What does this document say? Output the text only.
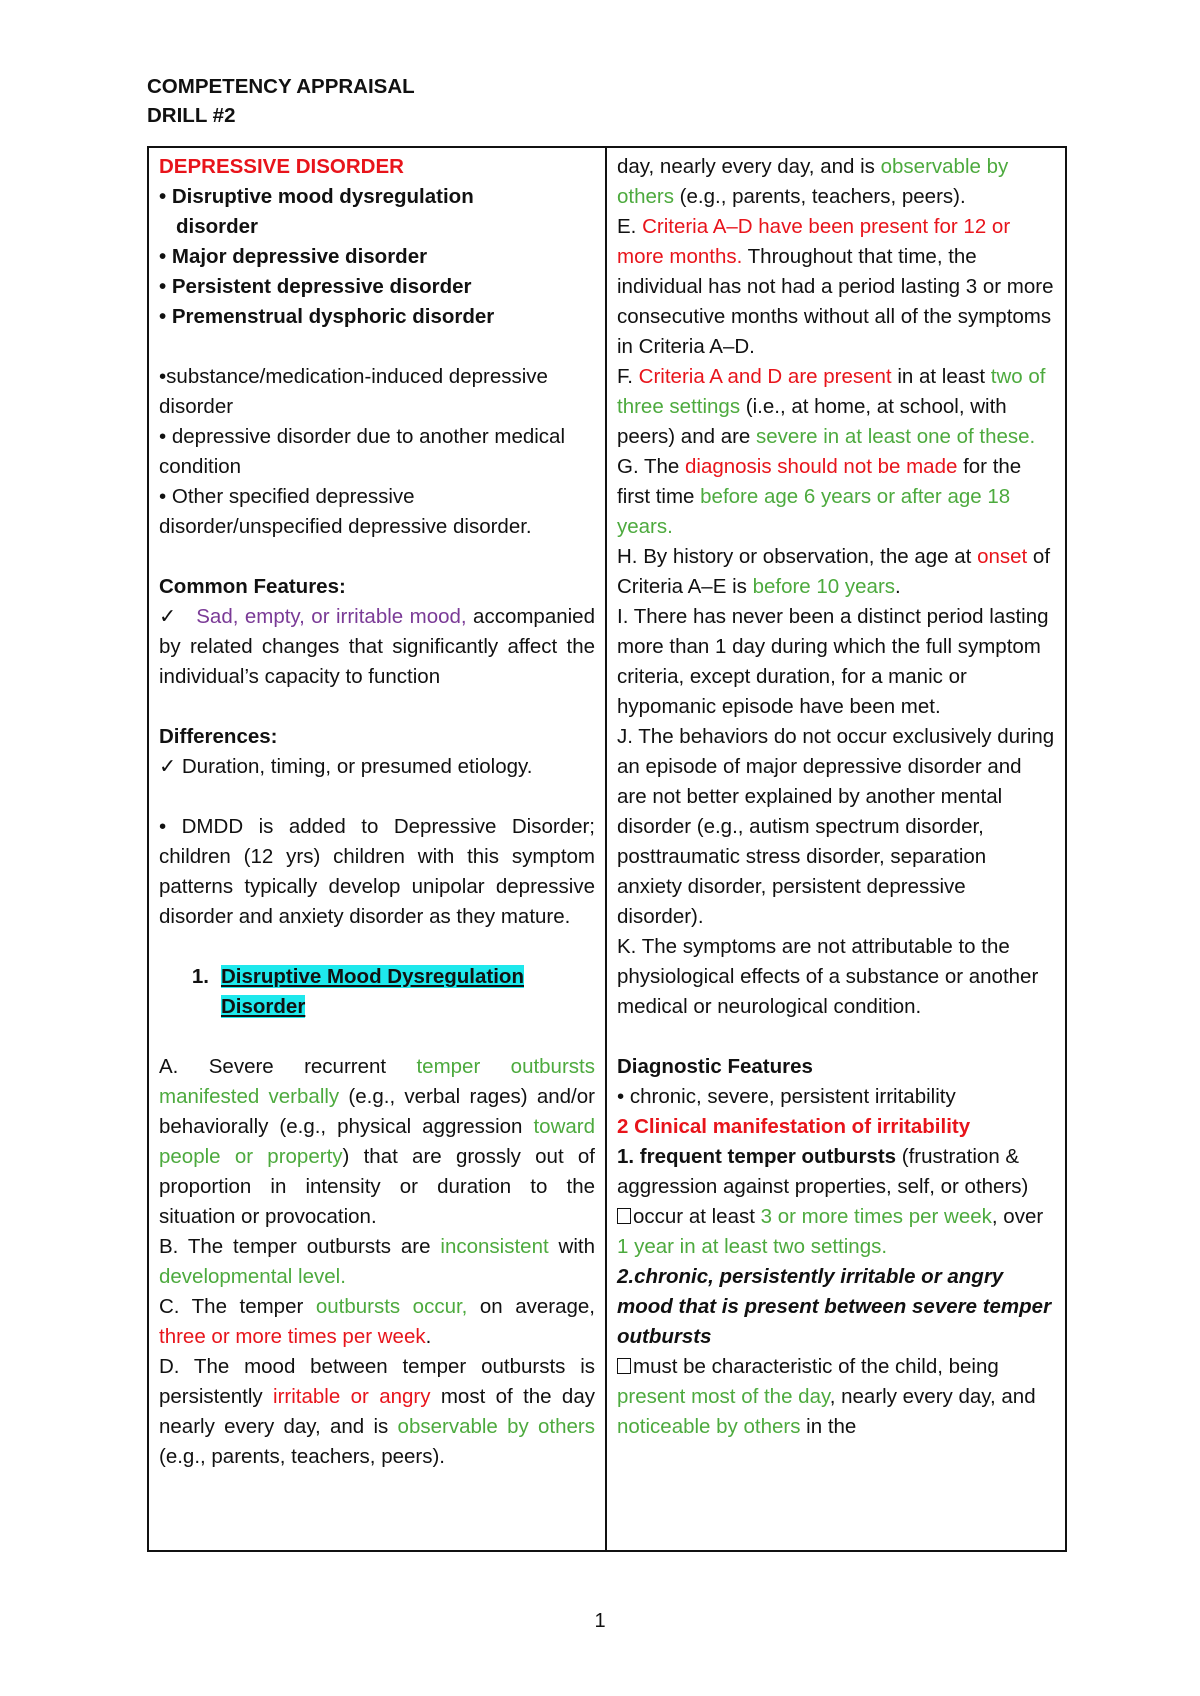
COMPETENCY APPRAISAL
DRILL #2
DEPRESSIVE DISORDER
• Disruptive mood dysregulation
disorder
• Major depressive disorder
• Persistent depressive disorder
• Premenstrual dysphoric disorder
•substance/medication-induced depressive disorder
• depressive disorder due to another medical condition
• Other specified depressive disorder/unspecified depressive disorder.
Common Features:
✓ Sad, empty, or irritable mood, accompanied by related changes that significantly affect the individual’s capacity to function
Differences:
✓ Duration, timing, or presumed etiology.
• DMDD is added to Depressive Disorder; children (12 yrs) children with this symptom patterns typically develop unipolar depressive disorder and anxiety disorder as they mature.
1. Disruptive Mood Dysregulation Disorder
A. Severe recurrent temper outbursts manifested verbally (e.g., verbal rages) and/or behaviorally (e.g., physical aggression toward people or property) that are grossly out of proportion in intensity or duration to the situation or provocation.
B. The temper outbursts are inconsistent with developmental level.
C. The temper outbursts occur, on average, three or more times per week.
D. The mood between temper outbursts is persistently irritable or angry most of the day nearly every day, and is observable by others (e.g., parents, teachers, peers).
day, nearly every day, and is observable by others (e.g., parents, teachers, peers).
E. Criteria A–D have been present for 12 or more months. Throughout that time, the individual has not had a period lasting 3 or more consecutive months without all of the symptoms in Criteria A–D.
F. Criteria A and D are present in at least two of three settings (i.e., at home, at school, with peers) and are severe in at least one of these.
G. The diagnosis should not be made for the first time before age 6 years or after age 18 years.
H. By history or observation, the age at onset of Criteria A–E is before 10 years.
I. There has never been a distinct period lasting more than 1 day during which the full symptom criteria, except duration, for a manic or hypomanic episode have been met.
J. The behaviors do not occur exclusively during an episode of major depressive disorder and are not better explained by another mental disorder (e.g., autism spectrum disorder, posttraumatic stress disorder, separation anxiety disorder, persistent depressive disorder).
K. The symptoms are not attributable to the physiological effects of a substance or another medical or neurological condition.
Diagnostic Features
• chronic, severe, persistent irritability
2 Clinical manifestation of irritability
1. frequent temper outbursts (frustration & aggression against properties, self, or others)
occur at least 3 or more times per week, over 1 year in at least two settings.
2.chronic, persistently irritable or angry mood that is present between severe temper outbursts
must be characteristic of the child, being present most of the day, nearly every day, and noticeable by others in the
1
